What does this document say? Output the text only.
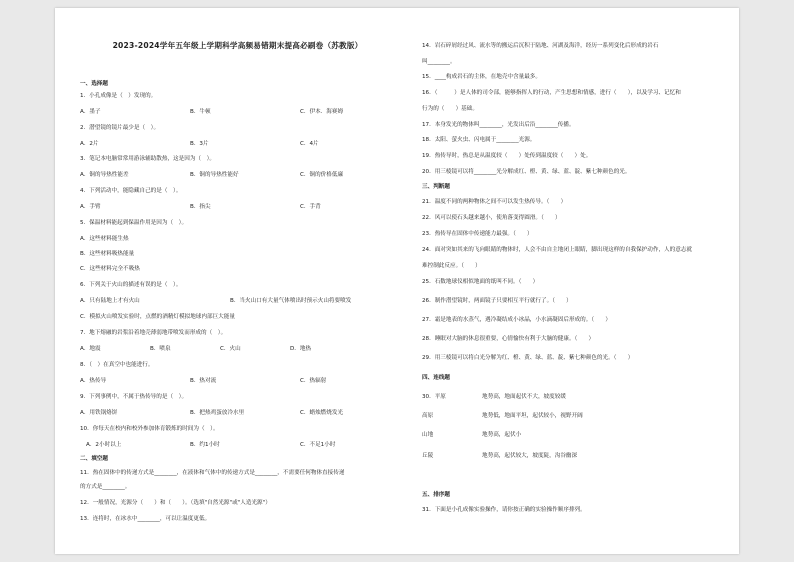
2023-2024学年五年级上学期科学高频易错期末提高必刷卷（苏教版）
一、选择题
1．小孔成像是（　）发现的。
A．墨子	B．牛顿	C．伊本．海赛姆
2．潜望镜的镜片最少是（　）。
A．2片	B．3片	C．4片
3．笔记本电脑常常用游泳辅助散热，这是因为（　）。
A．铜的导热性能差	B．铜的导热性能好	C．铜的价格低廉
4．下列活动中，能隐藏自己的是（　）。
A．手臂	B．指尖	C．手背
5．保温材料能起到保温作用是因为（　）。
A．这些材料能生热
B．这些材料吸热能量
C．这些材料完全不吸热
6．下列关于火山的描述有误的是（　）。
A．只有陆地上才有火山	B．当火山口有大量气体喷出时预示火山将要喷发
C．模拟火山喷发实验时，点燃的酒精灯模拟地球内部巨大能量
7．地下熔融的岩浆沿着地壳薄弱地带喷发而形成的（　）。
A．地震	B．喷泉	C．火山	D．地热
8．（　）在真空中也能进行。
A．热传导	B．热对流	C．热辐射
9．下列事例中，不属于热传导的是（　）。
A．用铁锅烙饼	B．把热鸡蛋放冷水里	C．蜡烛燃烧发光
10．你每天在校内和校外参加体育锻炼的时间为（　）。
A．2小时以上	B．约1小时	C．不足1小时
二、填空题
11．热在固体中的传递方式是________，在液体和气体中的传递方式是________，不需要任何物体直接传递
的方式是________。
12．一般情况，光源分（　　）和（　　）。（选填"自然光源"或"人造光源"）
13．连将时，在冰水中________，可以让温度更低。
14．岩石碎屑经过风、流水等的搬运后沉积于陆地、河湖及海洋，经历一系列变化后形成的岩石
叫________。
15．____构成岩石的主体，在地壳中含量最多。
16．（　　　）是人体的司令部，能够指挥人的行动，产生思想和情感，进行（　　），以及学习、记忆和
行为的（　　）基础。
17．本身发光的物体叫________，光发出后沿________传播。
18．太阳、萤火虫、闪电属于________光源。
19．热传导时，热总是从温度较（　　）处传到温度较（　　）处。
20．用三棱镜可以将________光分解成红、橙、黄、绿、蓝、靛、紫七种颜色的光。
三、判断题
21．温度不同的两种物体之间不可以发生热传导。（　　）
22．风可以使石头越来越小，使角落变得圆滑。（　　）
23．热传导在固体中传递能力最强。（　　）
24．面对突如其来的飞向眼睛的物体时，人会不由自主地闭上眼睛，脚出现这样的自我保护动作，人的意志就
难控制此反应。（　　）
25．石数地球仪相似地面的纸叫不同。（　　）
26．制作潜望镜时，两面镜子只要相互平行就行了。（　　）
27．霜是地表的水蒸气，遇冷凝结成小冰晶，小水滴凝固后形成的。（　　）
28．睡眠对大脑的休息很重要，心情愉快有利于大脑的健康。（　　）
29．用三棱镜可以将白光分解为红、橙、黄、绿、蓝、靛、紫七种颜色的光。（　　）
四、连线题
30．平原	地势高，地面起伏不大，坡度较缓
高原	地势低，地面平坦，起伏较小，视野开阔
山地	地势高，起伏小
丘陵	地势高，起伏较大，坡度陡，沟谷幽深
五、排序题
31．下面是小孔成像实验操作，请你按正确的实验操作顺序排列。
